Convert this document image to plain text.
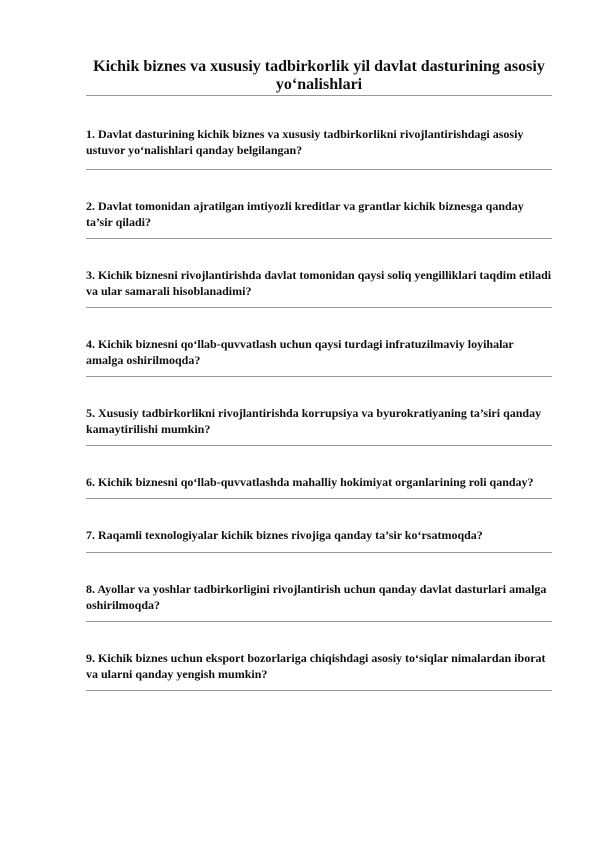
Kichik biznes va xususiy tadbirkorlik yil davlat dasturining asosiy yo‘nalishlari

1. Davlat dasturining kichik biznes va xususiy tadbirkorlikni rivojlantirishdagi asosiy ustuvor yo‘nalishlari qanday belgilangan?

2. Davlat tomonidan ajratilgan imtiyozli kreditlar va grantlar kichik biznesga qanday ta’sir qiladi?

3. Kichik biznesni rivojlantirishda davlat tomonidan qaysi soliq yengilliklari taqdim etiladi va ular samarali hisoblanadimi?

4. Kichik biznesni qo‘llab-quvvatlash uchun qaysi turdagi infratuzilmaviy loyihalar amalga oshirilmoqda?

5. Xususiy tadbirkorlikni rivojlantirishda korrupsiya va byurokratiyaning ta’siri qanday kamaytirilishi mumkin?

6. Kichik biznesni qo‘llab-quvvatlashda mahalliy hokimiyat organlarining roli qanday?

7. Raqamli texnologiyalar kichik biznes rivojiga qanday ta’sir ko‘rsatmoqda?

8. Ayollar va yoshlar tadbirkorligini rivojlantirish uchun qanday davlat dasturlari amalga oshirilmoqda?

9. Kichik biznes uchun eksport bozorlariga chiqishdagi asosiy to‘siqlar nimalardan iborat va ularni qanday yengish mumkin?
